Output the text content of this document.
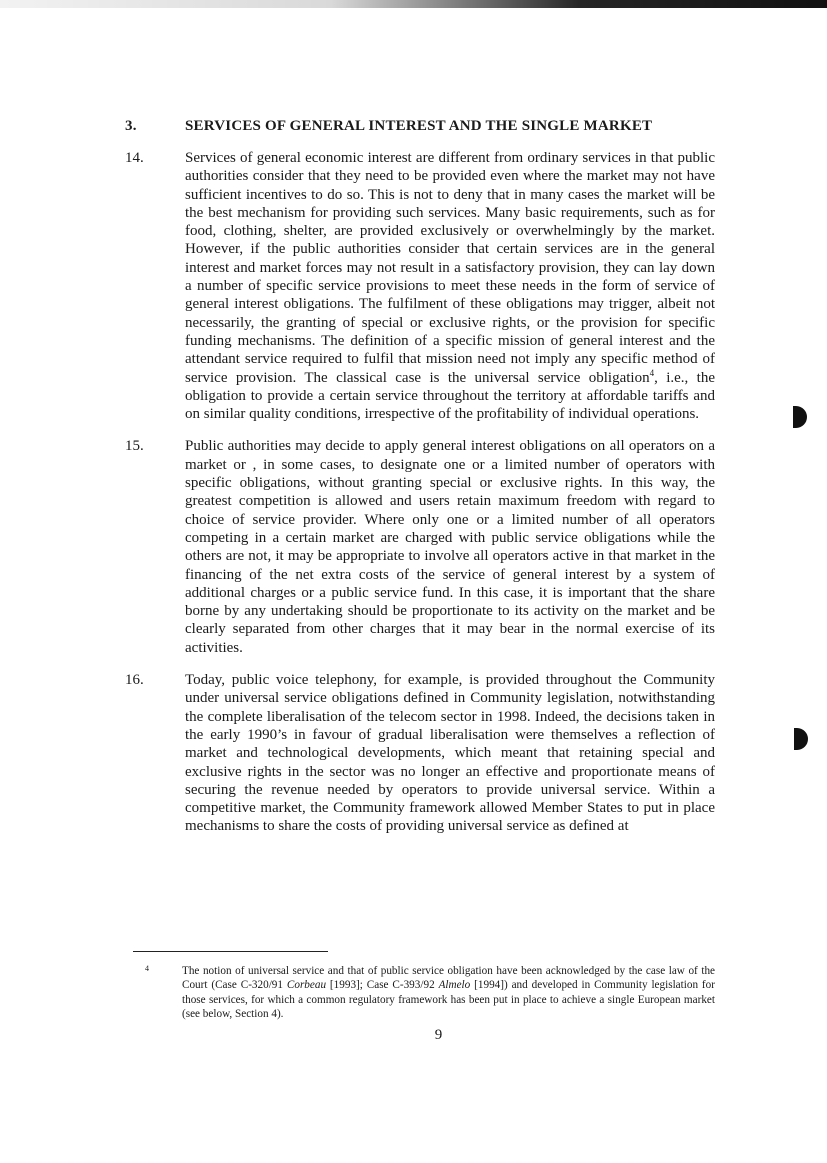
3.	SERVICES OF GENERAL INTEREST AND THE SINGLE MARKET
14.	Services of general economic interest are different from ordinary services in that public authorities consider that they need to be provided even where the market may not have sufficient incentives to do so. This is not to deny that in many cases the market will be the best mechanism for providing such services. Many basic requirements, such as for food, clothing, shelter, are provided exclusively or overwhelmingly by the market. However, if the public authorities consider that certain services are in the general interest and market forces may not result in a satisfactory provision, they can lay down a number of specific service provisions to meet these needs in the form of service of general interest obligations. The fulfilment of these obligations may trigger, albeit not necessarily, the granting of special or exclusive rights, or the provision for specific funding mechanisms. The definition of a specific mission of general interest and the attendant service required to fulfil that mission need not imply any specific method of service provision. The classical case is the universal service obligation$^4$, i.e., the obligation to provide a certain service throughout the territory at affordable tariffs and on similar quality conditions, irrespective of the profitability of individual operations.
15.	Public authorities may decide to apply general interest obligations on all operators on a market or , in some cases, to designate one or a limited number of operators with specific obligations, without granting special or exclusive rights. In this way, the greatest competition is allowed and users retain maximum freedom with regard to choice of service provider. Where only one or a limited number of all operators competing in a certain market are charged with public service obligations while the others are not, it may be appropriate to involve all operators active in that market in the financing of the net extra costs of the service of general interest by a system of additional charges or a public service fund. In this case, it is important that the share borne by any undertaking should be proportionate to its activity on the market and be clearly separated from other charges that it may bear in the normal exercise of its activities.
16.	Today, public voice telephony, for example, is provided throughout the Community under universal service obligations defined in Community legislation, notwithstanding the complete liberalisation of the telecom sector in 1998. Indeed, the decisions taken in the early 1990’s in favour of gradual liberalisation were themselves a reflection of market and technological developments, which meant that retaining special and exclusive rights in the sector was no longer an effective and proportionate means of securing the revenue needed by operators to provide universal service. Within a competitive market, the Community framework allowed Member States to put in place mechanisms to share the costs of providing universal service as defined at
4	The notion of universal service and that of public service obligation have been acknowledged by the case law of the Court (Case C-320/91 Corbeau [1993]; Case C-393/92 Almelo [1994]) and developed in Community legislation for those services, for which a common regulatory framework has been put in place to achieve a single European market (see below, Section 4).
9
